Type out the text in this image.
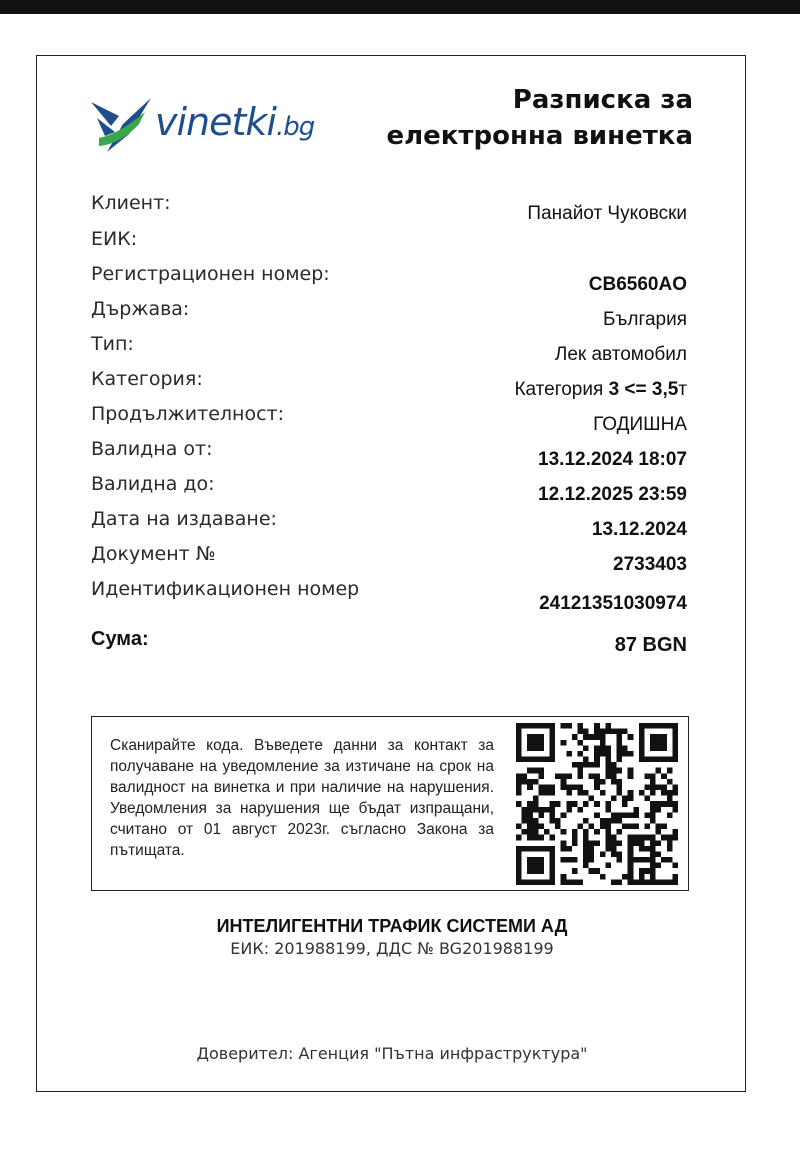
vinetki.bg
Разписка за
електронна винетка
Клиент:
ЕИК:
Регистрационен номер:
Държава:
Тип:
Категория:
Продължителност:
Валидна от:
Валидна до:
Дата на издаване:
Документ №
Идентификационен номер
Панайот Чуковски
CB6560AO
България
Лек автомобил
Категория 3 <= 3,5т
ГОДИШНА
13.12.2024 18:07
12.12.2025 23:59
13.12.2024
2733403
24121351030974
Сума:	87 BGN
Сканирайте кода. Въведете данни за контакт за получаване на уведомление за изтичане на срок на валидност на винетка и при наличие на нарушения. Уведомления за нарушения ще бъдат изпращани, считано от 01 август 2023г. съгласно Закона за пътищата.
ИНТЕЛИГЕНТНИ ТРАФИК СИСТЕМИ АД
ЕИК: 201988199, ДДС № BG201988199
Доверител: Агенция "Пътна инфраструктура"
